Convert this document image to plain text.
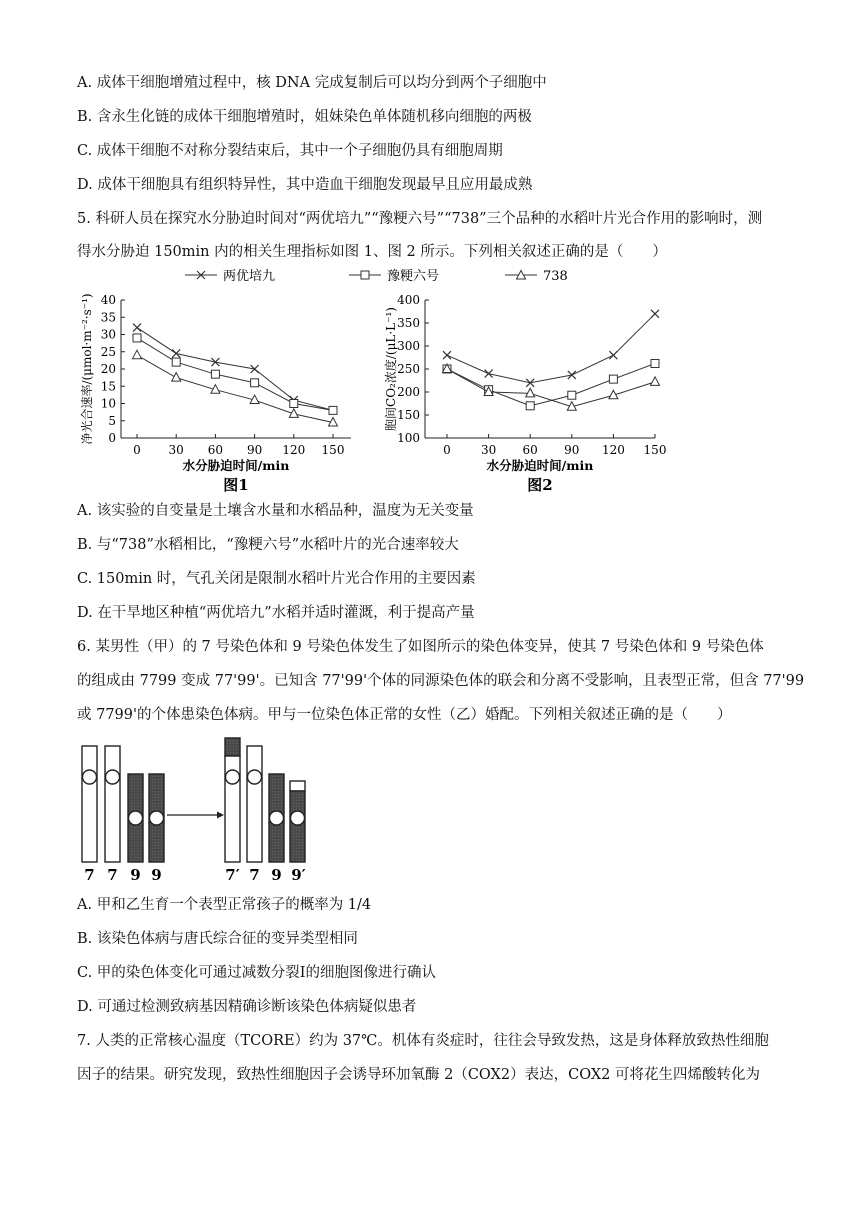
A. 成体干细胞增殖过程中，核 DNA 完成复制后可以均分到两个子细胞中
B. 含永生化链的成体干细胞增殖时，姐妹染色单体随机移向细胞的两极
C. 成体干细胞不对称分裂结束后，其中一个子细胞仍具有细胞周期
D. 成体干细胞具有组织特异性，其中造血干细胞发现最早且应用最成熟
5. 科研人员在探究水分胁迫时间对“两优培九”“豫粳六号”“738”三个品种的水稻叶片光合作用的影响时，测
得水分胁迫 150min 内的相关生理指标如图 1、图 2 所示。下列相关叙述正确的是（　　）
两优培九	豫粳六号	738
0
5
10
15
20
25
30
35
40
0 30 60 90 120 150
水分胁迫时间/min
净光合速率/(μmol·m⁻²·s⁻¹)
图1
100
150
200
250
300
350
400
0	30 60 90 120 150
水分胁迫时间/min
胞间CO₂浓度/(μL·L⁻¹)
图2
A. 该实验的自变量是土壤含水量和水稻品种，温度为无关变量
B. 与“738”水稻相比，“豫粳六号”水稻叶片的光合速率较大
C. 150min 时，气孔关闭是限制水稻叶片光合作用的主要因素
D. 在干旱地区种植“两优培九”水稻并适时灌溉，利于提高产量
6. 某男性（甲）的 7 号染色体和 9 号染色体发生了如图所示的染色体变异，使其 7 号染色体和 9 号染色体
的组成由 7799 变成 77'99'。已知含 77'99'个体的同源染色体的联会和分离不受影响，且表型正常，但含 77'99
或 7799'的个体患染色体病。甲与一位染色体正常的女性（乙）婚配。下列相关叙述正确的是（　　）
7 7 9 9	7′ 7 9 9′
A. 甲和乙生育一个表型正常孩子的概率为 1/4
B. 该染色体病与唐氏综合征的变异类型相同
C. 甲的染色体变化可通过减数分裂Ⅰ的细胞图像进行确认
D. 可通过检测致病基因精确诊断该染色体病疑似患者
7. 人类的正常核心温度（TCORE）约为 37℃。机体有炎症时，往往会导致发热，这是身体释放致热性细胞
因子的结果。研究发现，致热性细胞因子会诱导环加氧酶 2（COX2）表达，COX2 可将花生四烯酸转化为
